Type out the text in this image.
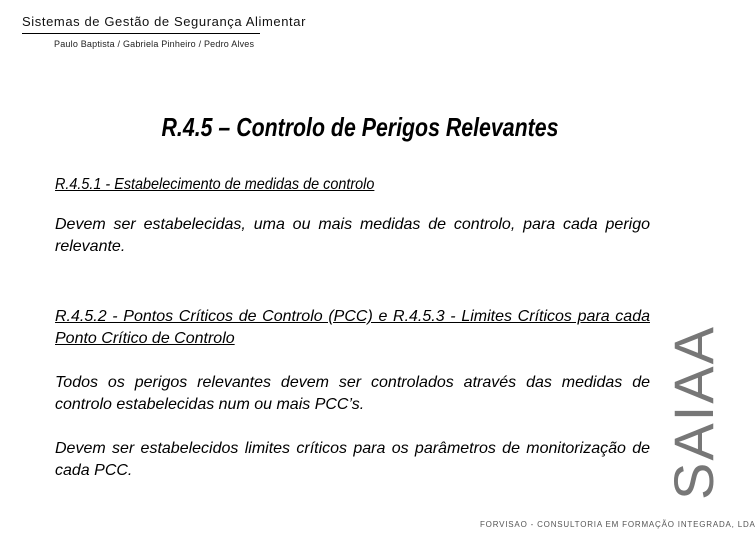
Sistemas de Gestão de Segurança Alimentar
Paulo Baptista / Gabriela Pinheiro / Pedro Alves
R.4.5 – Controlo de Perigos Relevantes
R.4.5.1 - Estabelecimento de medidas de controlo
Devem ser estabelecidas, uma ou mais medidas de controlo, para cada perigo relevante.
R.4.5.2 - Pontos Críticos de Controlo (PCC) e R.4.5.3 - Limites Críticos para cada Ponto Crítico de Controlo
Todos os perigos relevantes devem ser controlados através das medidas de controlo estabelecidas num ou mais PCC’s.
Devem ser estabelecidos limites críticos para os parâmetros de monitorização de cada PCC.	SAIAA
FORVISAO - CONSULTORIA EM FORMAÇÃO INTEGRADA, LDA
